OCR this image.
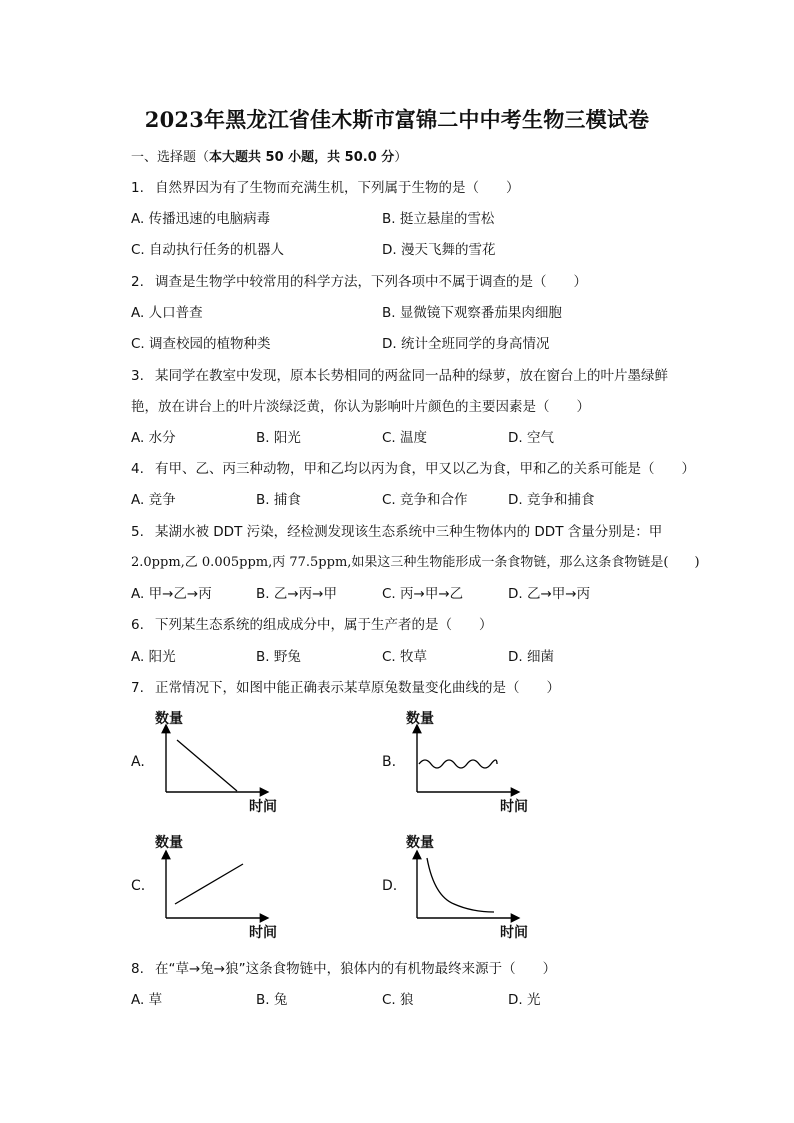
2023年黑龙江省佳木斯市富锦二中中考生物三模试卷
一、选择题（本大题共 50 小题，共 50.0 分）
1. 自然界因为有了生物而充满生机，下列属于生物的是（　　）
A. 传播迅速的电脑病毒	B. 挺立悬崖的雪松
C. 自动执行任务的机器人	D. 漫天飞舞的雪花
2. 调查是生物学中较常用的科学方法，下列各项中不属于调查的是（　　）
A. 人口普查	B. 显微镜下观察番茄果肉细胞
C. 调查校园的植物种类	D. 统计全班同学的身高情况
3. 某同学在教室中发现，原本长势相同的两盆同一品种的绿萝，放在窗台上的叶片墨绿鲜
艳，放在讲台上的叶片淡绿泛黄，你认为影响叶片颜色的主要因素是（　　）
A. 水分	B. 阳光	C. 温度	D. 空气
4. 有甲、乙、丙三种动物，甲和乙均以丙为食，甲又以乙为食，甲和乙的关系可能是（　　）
A. 竞争	B. 捕食	C. 竞争和合作	D. 竞争和捕食
5. 某湖水被 DDT 污染，经检测发现该生态系统中三种生物体内的 DDT 含量分别是：甲
2.0ppm,乙 0.005ppm,丙 77.5ppm,如果这三种生物能形成一条食物链，那么这条食物链是(　　)
A. 甲→乙→丙	B. 乙→丙→甲	C. 丙→甲→乙	D. 乙→甲→丙
6. 下列某生态系统的组成成分中，属于生产者的是（　　）
A. 阳光	B. 野兔	C. 牧草	D. 细菌
7. 正常情况下，如图中能正确表示某草原兔数量变化曲线的是（　　）
A.
数量
时间
B.
数量
时间
C.
数量
时间
D.
数量
时间
8. 在“草→兔→狼”这条食物链中，狼体内的有机物最终来源于（　　）
A. 草	B. 兔	C. 狼	D. 光
